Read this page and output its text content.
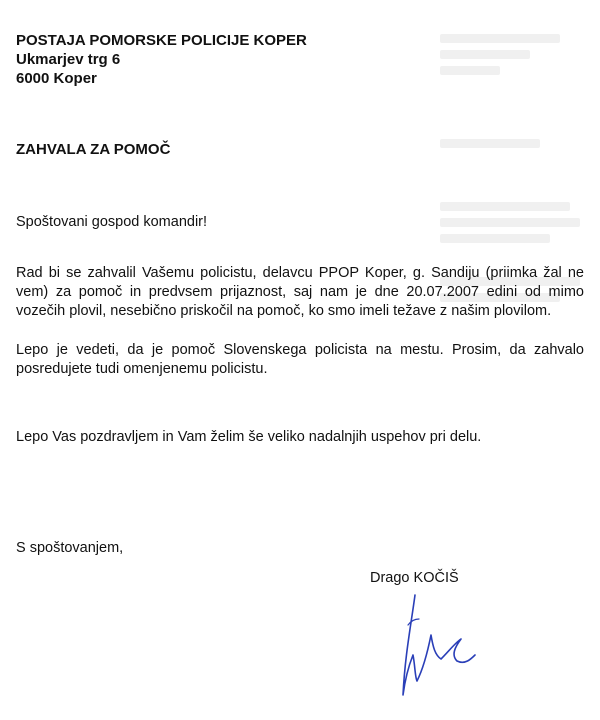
POSTAJA POMORSKE POLICIJE KOPER
Ukmarjev trg 6
6000 Koper
ZAHVALA ZA POMOČ
Spoštovani gospod komandir!

Rad bi se zahvalil Vašemu policistu, delavcu PPOP Koper, g. Sandiju (priimka žal ne vem) za pomoč in predvsem prijaznost, saj nam je dne 20.07.2007 edini od mimo vozečih plovil, nesebično priskočil na pomoč, ko smo imeli težave z našim plovilom.

Lepo je vedeti, da je pomoč Slovenskega policista na mestu. Prosim, da zahvalo posredujete tudi omenjenemu policistu.

Lepo Vas pozdravljem in Vam želim še veliko nadalnjih uspehov pri delu.

S spoštovanjem,
Drago KOČIŠ
